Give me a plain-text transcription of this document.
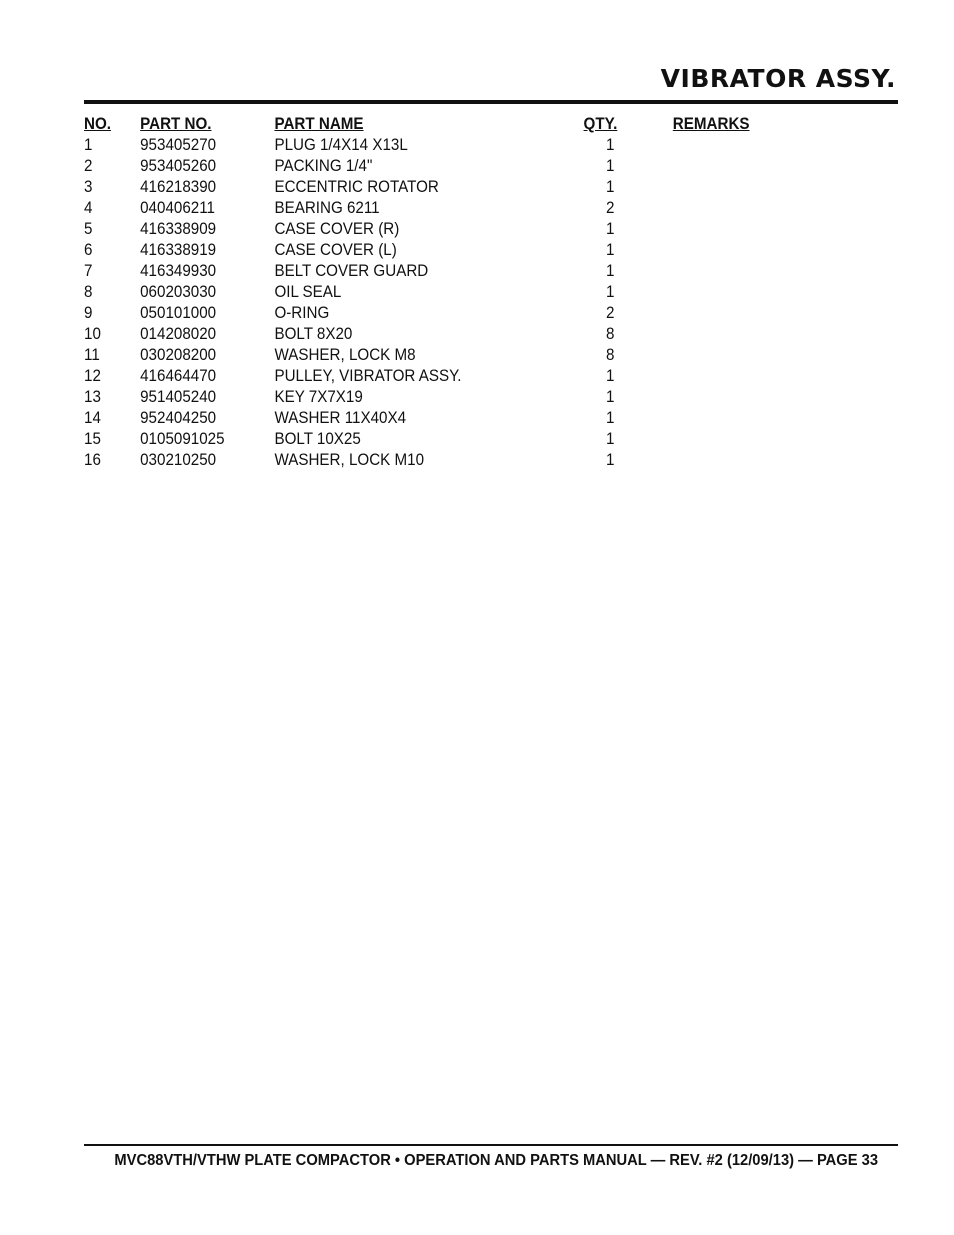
VIBRATOR ASSY.
NO. PART NO.	PART NAME	QTY.	REMARKS
1	953405270	PLUG 1/4X14 X13L	1
2	953405260	PACKING 1/4"	1
3	416218390	ECCENTRIC ROTATOR	1
4	040406211	BEARING 6211	2
5	416338909	CASE COVER (R)	1
6	416338919	CASE COVER (L)	1
7	416349930	BELT COVER GUARD	1
8	060203030	OIL SEAL	1
9	050101000	O-RING	2
10 014208020	BOLT 8X20	8
11 030208200	WASHER, LOCK M8	8
12 416464470	PULLEY, VIBRATOR ASSY.	1
13 951405240	KEY 7X7X19	1
14 952404250	WASHER 11X40X4	1
15 0105091025	BOLT 10X25	1
16 030210250	WASHER, LOCK M10	1
MVC88VTH/VTHW PLATE COMPACTOR • OPERATION AND PARTS MANUAL — REV. #2 (12/09/13) — PAGE 33
